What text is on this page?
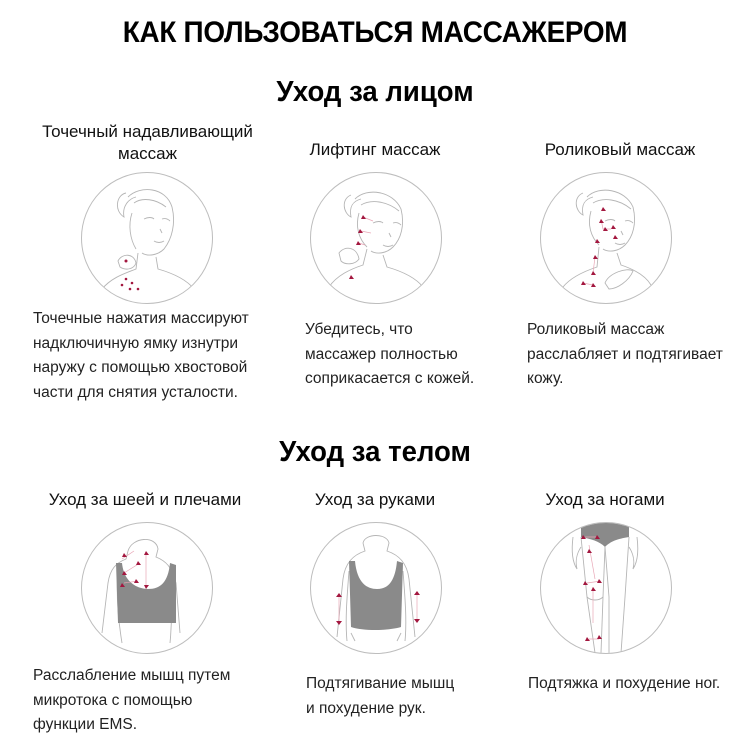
КАК ПОЛЬЗОВАТЬСЯ МАССАЖЕРОМ
Уход за лицом
Точечный надавливающий
массаж
Точечные нажатия массируют
надключичную ямку изнутри
наружу с помощью хвостовой
части для снятия усталости.
Лифтинг массаж
Убедитесь, что
массажер полностью
соприкасается с кожей.
Роликовый массаж
Роликовый массаж
расслабляет и подтягивает
кожу.
Уход за телом
Уход за шеей и плечами
Расслабление мышц путем
микротока с помощью
функции EMS.
Уход за руками
Подтягивание мышц
и похудение рук.
Уход за ногами
Подтяжка и похудение ног.
